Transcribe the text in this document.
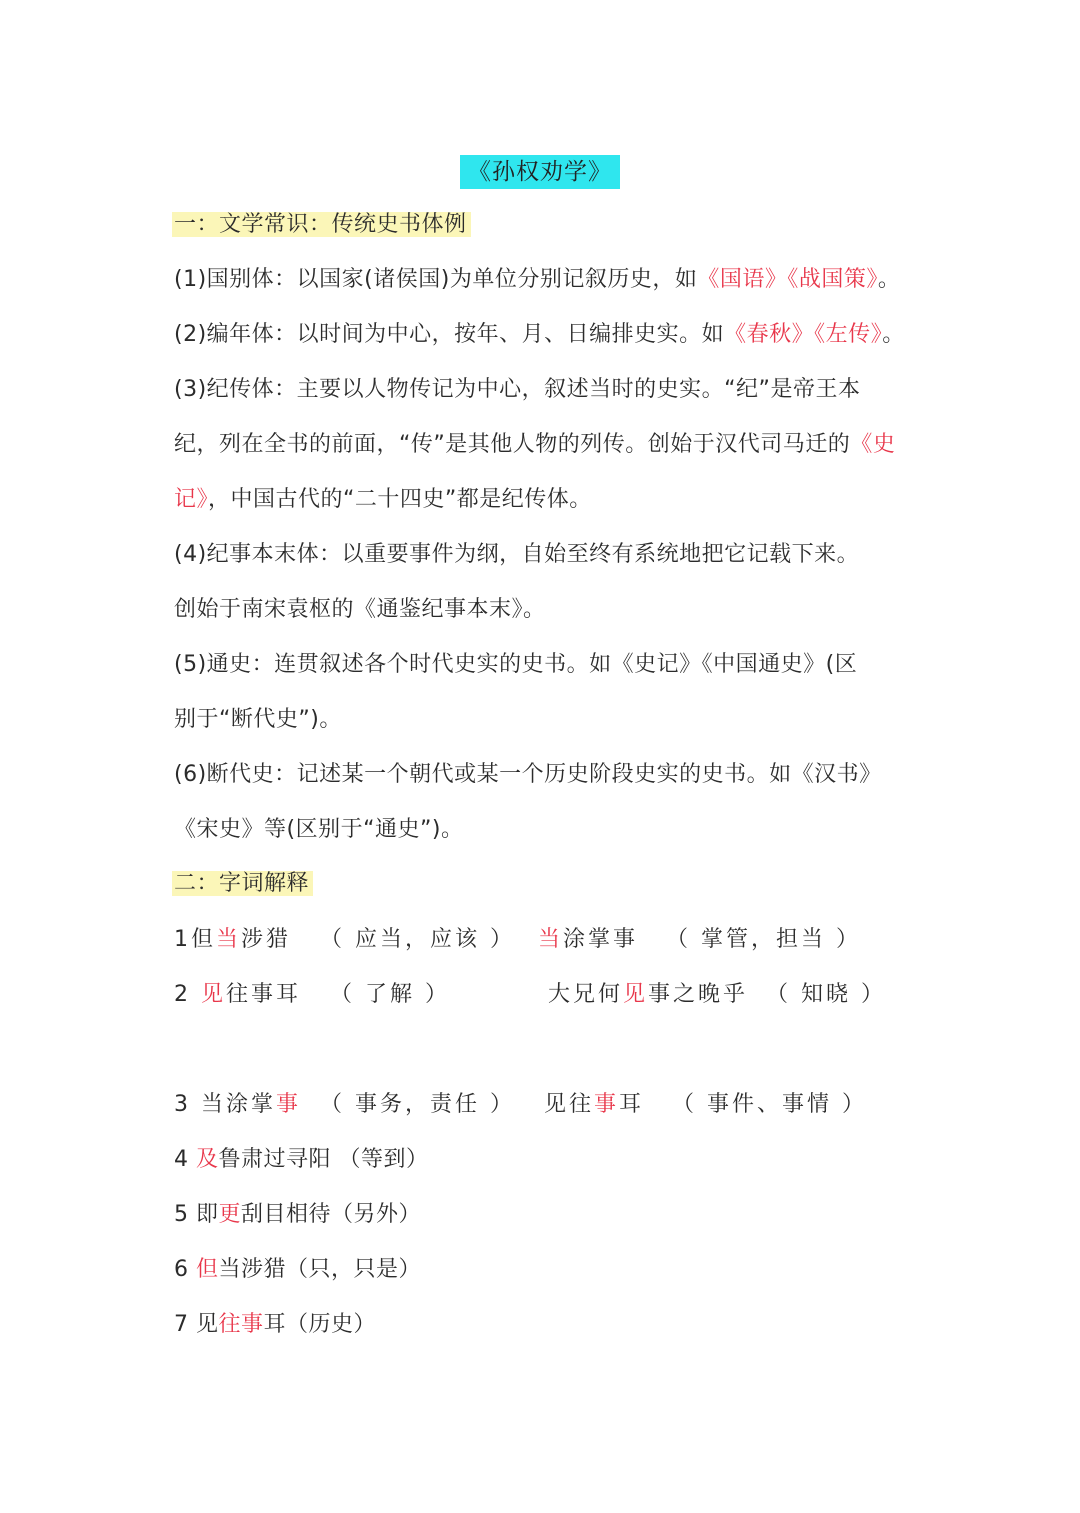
《孙权劝学》
一：文学常识：传统史书体例
(1)国别体：以国家(诸侯国)为单位分别记叙历史，如《国语》《战国策》。
(2)编年体：以时间为中心，按年、月、日编排史实。如《春秋》《左传》。
(3)纪传体：主要以人物传记为中心，叙述当时的史实。“纪”是帝王本
纪，列在全书的前面，“传”是其他人物的列传。创始于汉代司马迁的《史
记》，中国古代的“二十四史”都是纪传体。
(4)纪事本末体：以重要事件为纲，自始至终有系统地把它记载下来。
创始于南宋袁枢的《通鉴纪事本末》。
(5)通史：连贯叙述各个时代史实的史书。如《史记》《中国通史》(区
别于“断代史”)。
(6)断代史：记述某一个朝代或某一个历史阶段史实的史书。如《汉书》
《宋史》等(区别于“通史”)。
二：字词解释
1但当涉猎 （ 应当，应该 ） 当涂掌事 （ 掌管，担当 ）
2 见往事耳 （ 了解 ）	大兄何见事之晚乎 （ 知晓 ）
3 当涂掌事 （ 事务，责任 ） 见往事耳 （ 事件、事情 ）
4 及鲁肃过寻阳 （等到）
5 即更刮目相待（另外）
6 但当涉猎（只，只是）
7 见往事耳（历史）
